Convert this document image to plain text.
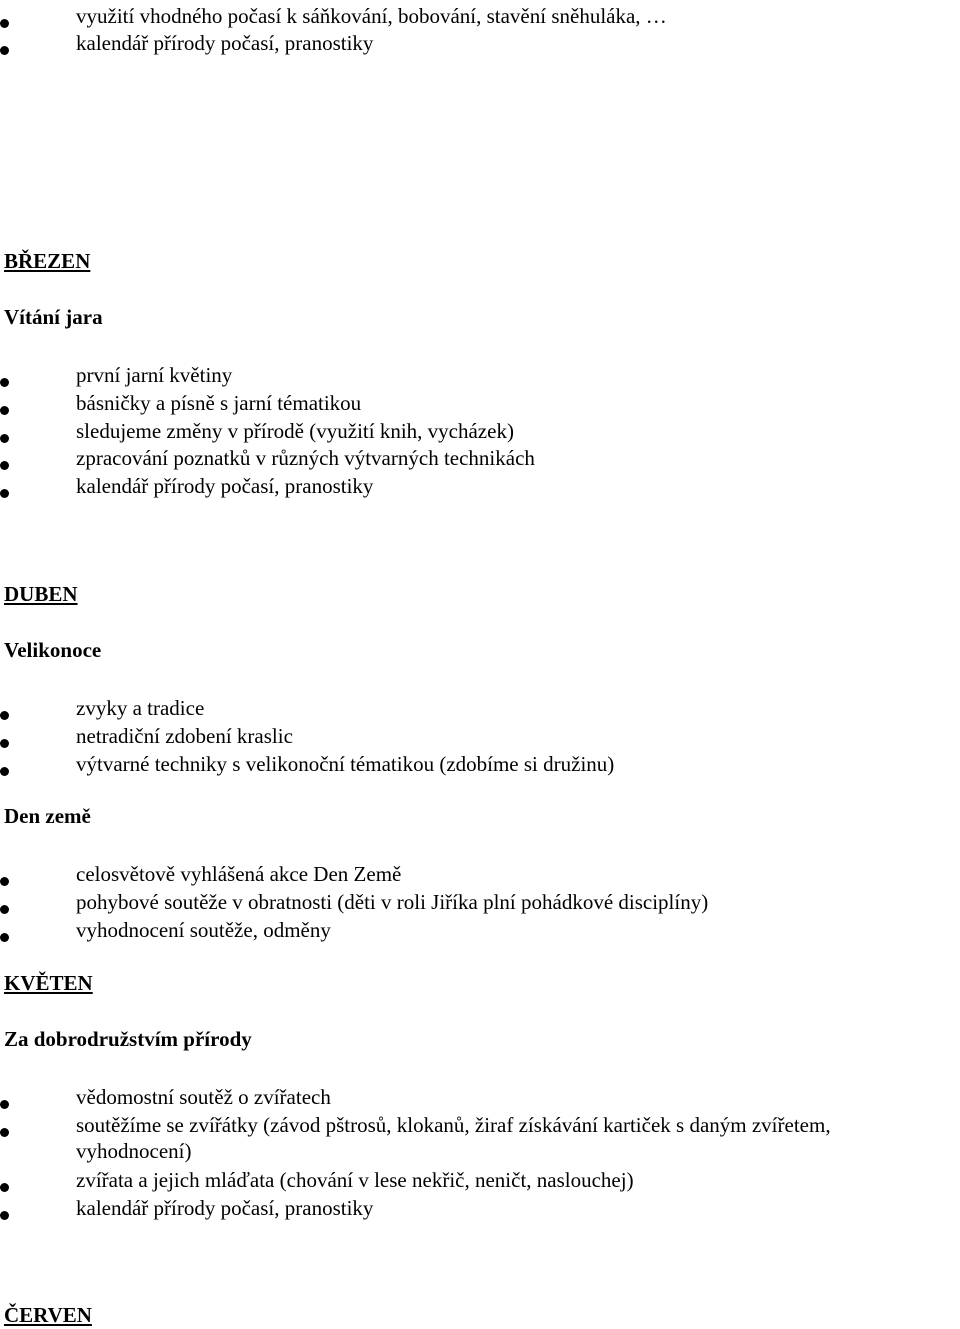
využití vhodného počasí k sáňkování, bobování, stavění sněhuláka, …
kalendář přírody počasí, pranostiky
BŘEZEN
Vítání jara
první jarní květiny
básničky a písně s jarní tématikou
sledujeme změny v přírodě (využití knih, vycházek)
zpracování poznatků v různých výtvarných technikách
kalendář přírody počasí, pranostiky
DUBEN
Velikonoce
zvyky a tradice
netradiční zdobení kraslic
výtvarné techniky s velikonoční tématikou (zdobíme si družinu)
Den země
celosvětově vyhlášená akce Den Země
pohybové soutěže v obratnosti (děti v roli Jiříka plní pohádkové disciplíny)
vyhodnocení soutěže, odměny
KVĚTEN
Za dobrodružstvím přírody
vědomostní soutěž o zvířatech
soutěžíme se zvířátky (závod pštrosů, klokanů, žiraf získávání kartiček s daným zvířetem,
vyhodnocení)
zvířata a jejich mláďata (chování v lese nekřič, neničt, naslouchej)
kalendář přírody počasí, pranostiky
ČERVEN
